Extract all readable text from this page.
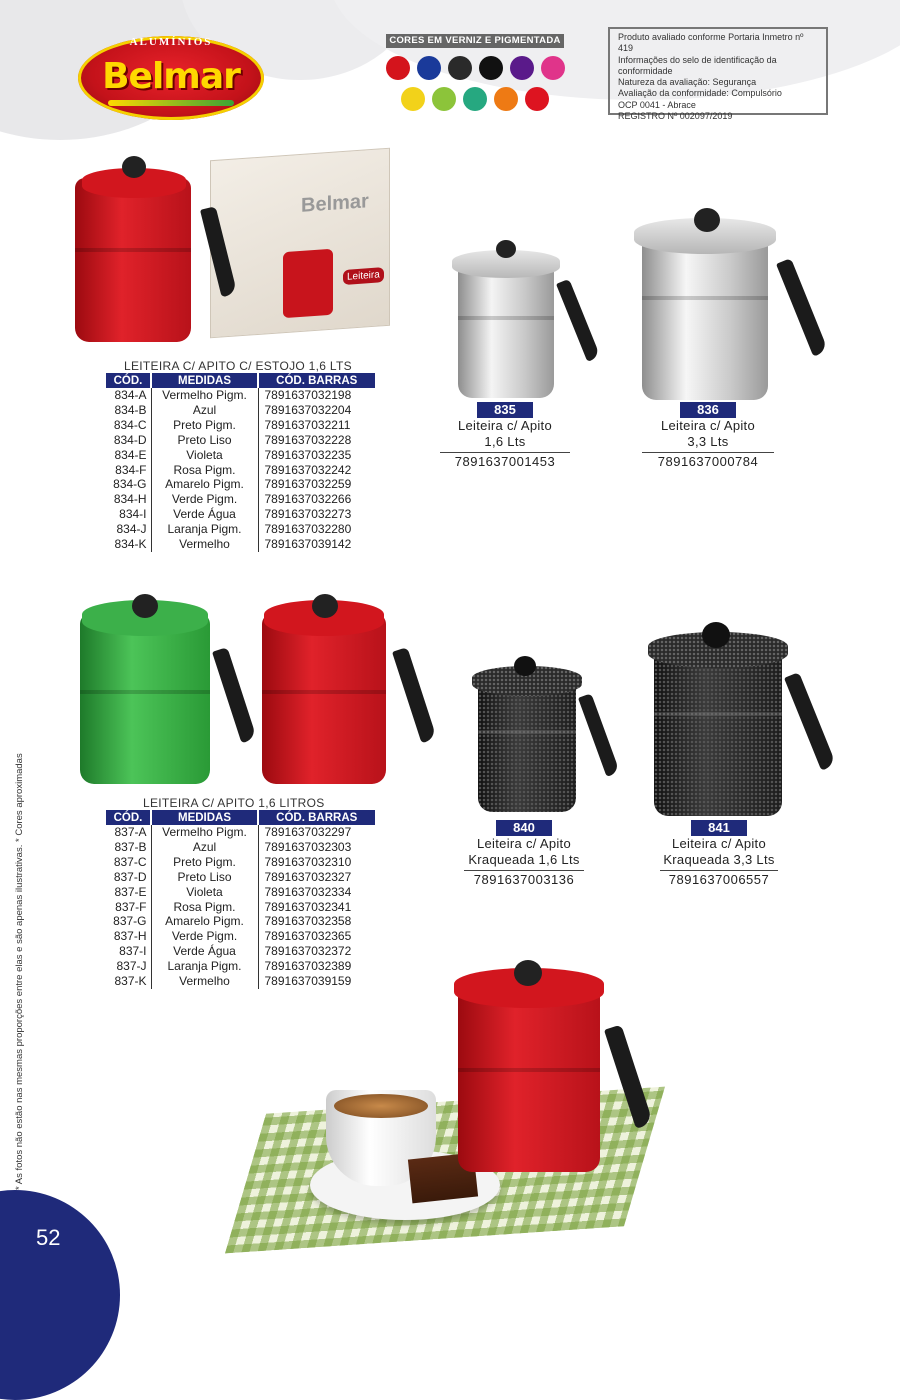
ALUMÍNIOS
Belmar
CORES EM VERNIZ E PIGMENTADA	Produto avaliado conforme Portaria Inmetro nº 419
Informações do selo de identificação da conformidade
Natureza da avaliação: Segurança
Avaliação da conformidade: Compulsório
OCP 0041 - Abrace
REGISTRO Nº 002097/2019
Belmar
Leiteira
LEITEIRA C/ APITO C/ ESTOJO 1,6 LTS
CÓD.	MEDIDAS	CÓD. BARRAS
834-A	Vermelho Pigm.	7891637032198
834-B	Azul	7891637032204
834-C	Preto Pigm.	7891637032211
834-D	Preto Liso	7891637032228
834-E	Violeta	7891637032235
834-F	Rosa Pigm.	7891637032242
834-G	Amarelo Pigm.	7891637032259
834-H	Verde Pigm.	7891637032266
834-I	Verde Água	7891637032273
834-J	Laranja Pigm.	7891637032280
834-K	Vermelho	7891637039142
835
Leiteira c/ Apito
1,6 Lts
7891637001453
836
Leiteira c/ Apito
3,3 Lts
7891637000784
LEITEIRA C/ APITO 1,6 LITROS
CÓD.	MEDIDAS	CÓD. BARRAS
837-A	Vermelho Pigm.	7891637032297
837-B	Azul	7891637032303
837-C	Preto Pigm.	7891637032310
837-D	Preto Liso	7891637032327
837-E	Violeta	7891637032334
837-F	Rosa Pigm.	7891637032341
837-G	Amarelo Pigm.	7891637032358
837-H	Verde Pigm.	7891637032365
837-I	Verde Água	7891637032372
837-J	Laranja Pigm.	7891637032389
837-K	Vermelho	7891637039159
840
Leiteira c/ Apito
Kraqueada 1,6 Lts
7891637003136
841
Leiteira c/ Apito
Kraqueada 3,3 Lts
7891637006557
* As fotos não estão nas mesmas proporções entre elas e são apenas ilustrativas. * Cores aproximadas
52
